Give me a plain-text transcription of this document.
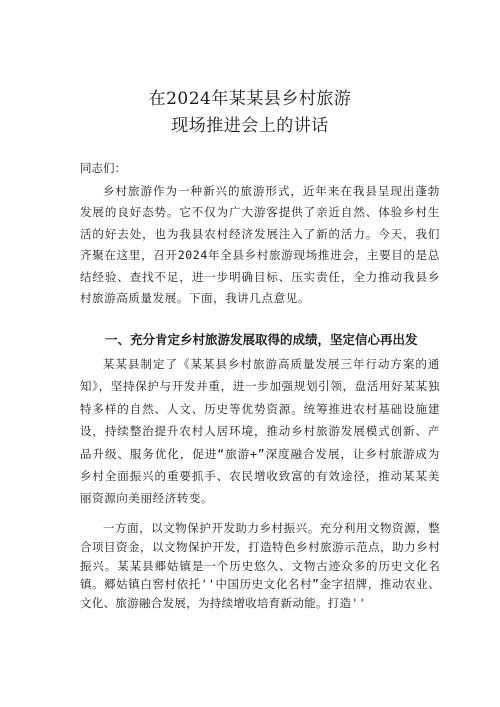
在2024年某某县乡村旅游
现场推进会上的讲话
同志们：

乡村旅游作为一种新兴的旅游形式，近年来在我县呈现出蓬勃发展的良好态势。它不仅为广大游客提供了亲近自然、体验乡村生活的好去处，也为我县农村经济发展注入了新的活力。今天，我们齐聚在这里，召开2024年全县乡村旅游现场推进会，主要目的是总结经验、查找不足，进一步明确目标、压实责任，全力推动我县乡村旅游高质量发展。下面，我讲几点意见。

一、充分肯定乡村旅游发展取得的成绩，坚定信心再出发

某某县制定了《某某县乡村旅游高质量发展三年行动方案的通知》，坚持保护与开发并重，进一步加强规划引领，盘活用好某某独特多样的自然、人文、历史等优势资源。统筹推进农村基础设施建设，持续整治提升农村人居环境，推动乡村旅游发展模式创新、产品升级、服务优化，促进“旅游+”深度融合发展，让乡村旅游成为乡村全面振兴的重要抓手、农民增收致富的有效途径，推动某某美丽资源向美丽经济转变。

一方面，以文物保护开发助力乡村振兴。充分利用文物资源，整合项目资金，以文物保护开发，打造特色乡村旅游示范点，助力乡村振兴。某某县郷姑镇是一个历史悠久、文物古迹众多的历史文化名镇。郷姑镇白窖村依托''中国历史文化名村”金字招牌，推动农业、文化、旅游融合发展，为持续增收培育新动能。打造''
